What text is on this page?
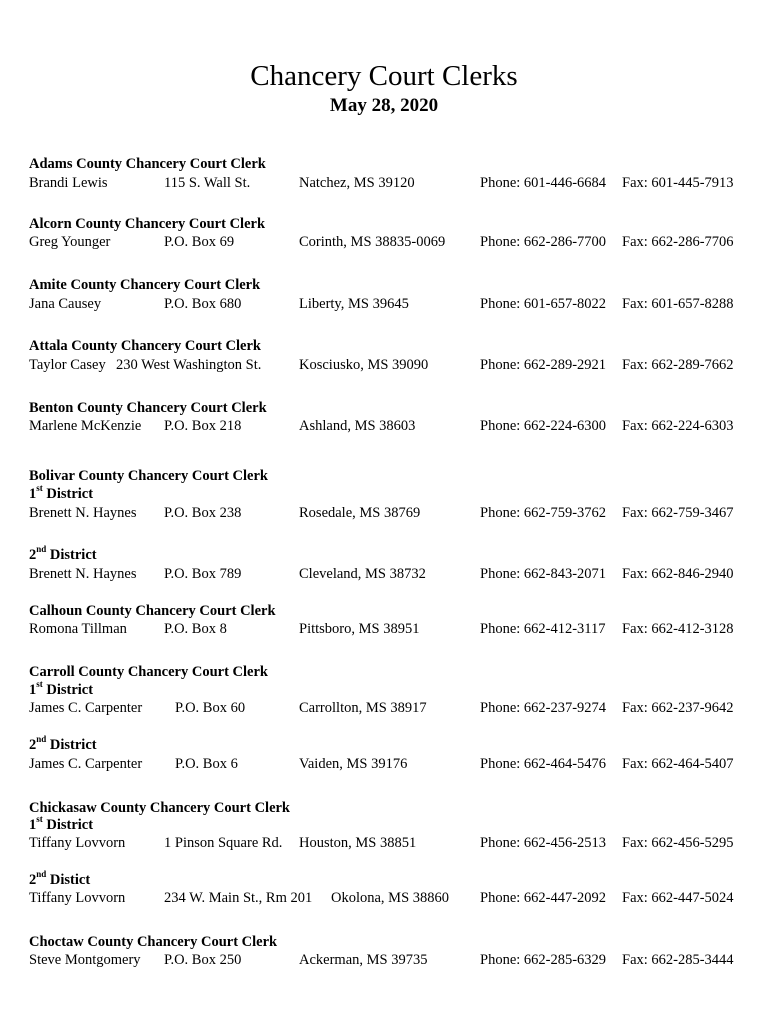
Chancery Court Clerks
May 28, 2020
Adams County Chancery Court Clerk
Brandi Lewis	115 S. Wall St.	Natchez, MS 39120	Phone: 601-446-6684 Fax: 601-445-7913
Alcorn County Chancery Court Clerk
Greg Younger	P.O. Box 69	Corinth, MS 38835-0069 Phone: 662-286-7700 Fax: 662-286-7706
Amite County Chancery Court Clerk
Jana Causey	P.O. Box 680	Liberty, MS 39645	Phone: 601-657-8022 Fax: 601-657-8288
Attala County Chancery Court Clerk
Taylor Casey 230 West Washington St.	Kosciusko, MS 39090	Phone: 662-289-2921 Fax: 662-289-7662
Benton County Chancery Court Clerk
Marlene McKenzie P.O. Box 218	Ashland, MS 38603	Phone: 662-224-6300 Fax: 662-224-6303
Bolivar County Chancery Court Clerk
1st District
Brenett N. Haynes P.O. Box 238	Rosedale, MS 38769	Phone: 662-759-3762 Fax: 662-759-3467
2nd District
Brenett N. Haynes P.O. Box 789	Cleveland, MS 38732	Phone: 662-843-2071 Fax: 662-846-2940
Calhoun County Chancery Court Clerk
Romona Tillman	P.O. Box 8	Pittsboro, MS 38951	Phone: 662-412-3117 Fax: 662-412-3128
Carroll County Chancery Court Clerk
1st District
James C. Carpenter P.O. Box 60	Carrollton, MS 38917	Phone: 662-237-9274 Fax: 662-237-9642
2nd District
James C. Carpenter P.O. Box 6	Vaiden, MS 39176	Phone: 662-464-5476 Fax: 662-464-5407
Chickasaw County Chancery Court Clerk
1st District
Tiffany Lovvorn	1 Pinson Square Rd. Houston, MS 38851	Phone: 662-456-2513 Fax: 662-456-5295
2nd Distict
Tiffany Lovvorn	234 W. Main St., Rm 201 Okolona, MS 38860 Phone: 662-447-2092 Fax: 662-447-5024
Choctaw County Chancery Court Clerk
Steve Montgomery P.O. Box 250	Ackerman, MS 39735	Phone: 662-285-6329 Fax: 662-285-3444
